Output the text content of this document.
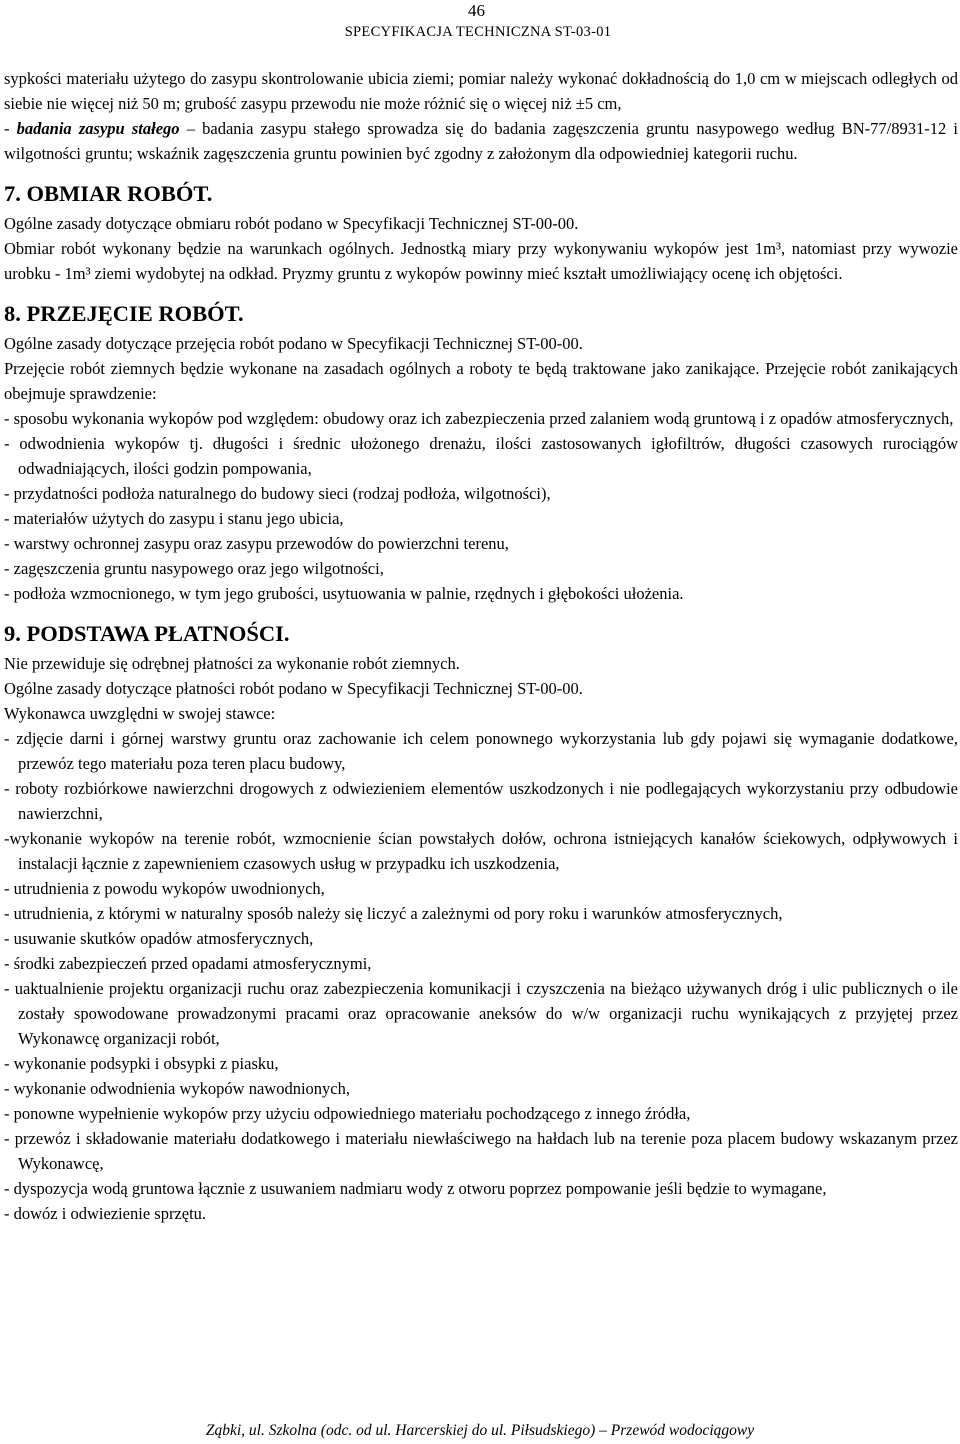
46
SPECYFIKACJA TECHNICZNA ST-03-01

sypkości materiału użytego do zasypu skontrolowanie ubicia ziemi; pomiar należy wykonać dokładnością do 1,0 cm w miejscach odległych od siebie nie więcej niż 50 m; grubość zasypu przewodu nie może różnić się o więcej niż ±5 cm,

- badania zasypu stałego – badania zasypu stałego sprowadza się do badania zagęszczenia gruntu nasypowego według BN-77/8931-12 i wilgotności gruntu; wskaźnik zagęszczenia gruntu powinien być zgodny z założonym dla odpowiedniej kategorii ruchu.

7. OBMIAR ROBÓT.

Ogólne zasady dotyczące obmiaru robót podano w Specyfikacji Technicznej ST-00-00.

Obmiar robót wykonany będzie na warunkach ogólnych. Jednostką miary przy wykonywaniu wykopów jest 1m³, natomiast przy wywozie urobku - 1m³ ziemi wydobytej na odkład. Pryzmy gruntu z wykopów powinny mieć kształt umożliwiający ocenę ich objętości.

8. PRZEJĘCIE ROBÓT.

Ogólne zasady dotyczące przejęcia robót podano w Specyfikacji Technicznej ST-00-00.

Przejęcie robót ziemnych będzie wykonane na zasadach ogólnych a roboty te będą traktowane jako zanikające. Przejęcie robót zanikających obejmuje sprawdzenie:

- sposobu wykonania wykopów pod względem: obudowy oraz ich zabezpieczenia przed zalaniem wodą gruntową i z opadów atmosferycznych,

- odwodnienia wykopów tj. długości i średnic ułożonego drenażu, ilości zastosowanych igłofiltrów, długości czasowych rurociągów odwadniających, ilości godzin pompowania,

- przydatności podłoża naturalnego do budowy sieci (rodzaj podłoża, wilgotności),

- materiałów użytych do zasypu i stanu jego ubicia,

- warstwy ochronnej zasypu oraz zasypu przewodów do powierzchni terenu,

- zagęszczenia gruntu nasypowego oraz jego wilgotności,

- podłoża wzmocnionego, w tym jego grubości, usytuowania w palnie, rzędnych i głębokości ułożenia.

9. PODSTAWA PŁATNOŚCI.

Nie przewiduje się odrębnej płatności za wykonanie robót ziemnych.

Ogólne zasady dotyczące płatności robót podano w Specyfikacji Technicznej ST-00-00.

Wykonawca uwzględni w swojej stawce:

- zdjęcie darni i górnej warstwy gruntu oraz zachowanie ich celem ponownego wykorzystania lub gdy pojawi się wymaganie dodatkowe, przewóz tego materiału poza teren placu budowy,

- roboty rozbiórkowe nawierzchni drogowych z odwiezieniem elementów uszkodzonych i nie podlegających wykorzystaniu przy odbudowie nawierzchni,

-wykonanie wykopów na terenie robót, wzmocnienie ścian powstałych dołów, ochrona istniejących kanałów ściekowych, odpływowych i instalacji łącznie z zapewnieniem czasowych usług w przypadku ich uszkodzenia,

- utrudnienia z powodu wykopów uwodnionych,

- utrudnienia, z którymi w naturalny sposób należy się liczyć a zależnymi od pory roku i warunków atmosferycznych,

- usuwanie skutków opadów atmosferycznych,

- środki zabezpieczeń przed opadami atmosferycznymi,

- uaktualnienie projektu organizacji ruchu oraz zabezpieczenia komunikacji i czyszczenia na bieżąco używanych dróg i ulic publicznych o ile zostały spowodowane prowadzonymi pracami oraz opracowanie aneksów do w/w organizacji ruchu wynikających z przyjętej przez Wykonawcę organizacji robót,

- wykonanie podsypki i obsypki z piasku,

- wykonanie odwodnienia wykopów nawodnionych,

- ponowne wypełnienie wykopów przy użyciu odpowiedniego materiału pochodzącego z innego źródła,

- przewóz i składowanie materiału dodatkowego i materiału niewłaściwego na hałdach lub na terenie poza placem budowy wskazanym przez Wykonawcę,

- dyspozycja wodą gruntowa łącznie z usuwaniem nadmiaru wody z otworu poprzez pompowanie jeśli będzie to wymagane,

- dowóz i odwiezienie sprzętu.

Ząbki, ul. Szkolna (odc. od ul. Harcerskiej do ul. Piłsudskiego) – Przewód wodociągowy
